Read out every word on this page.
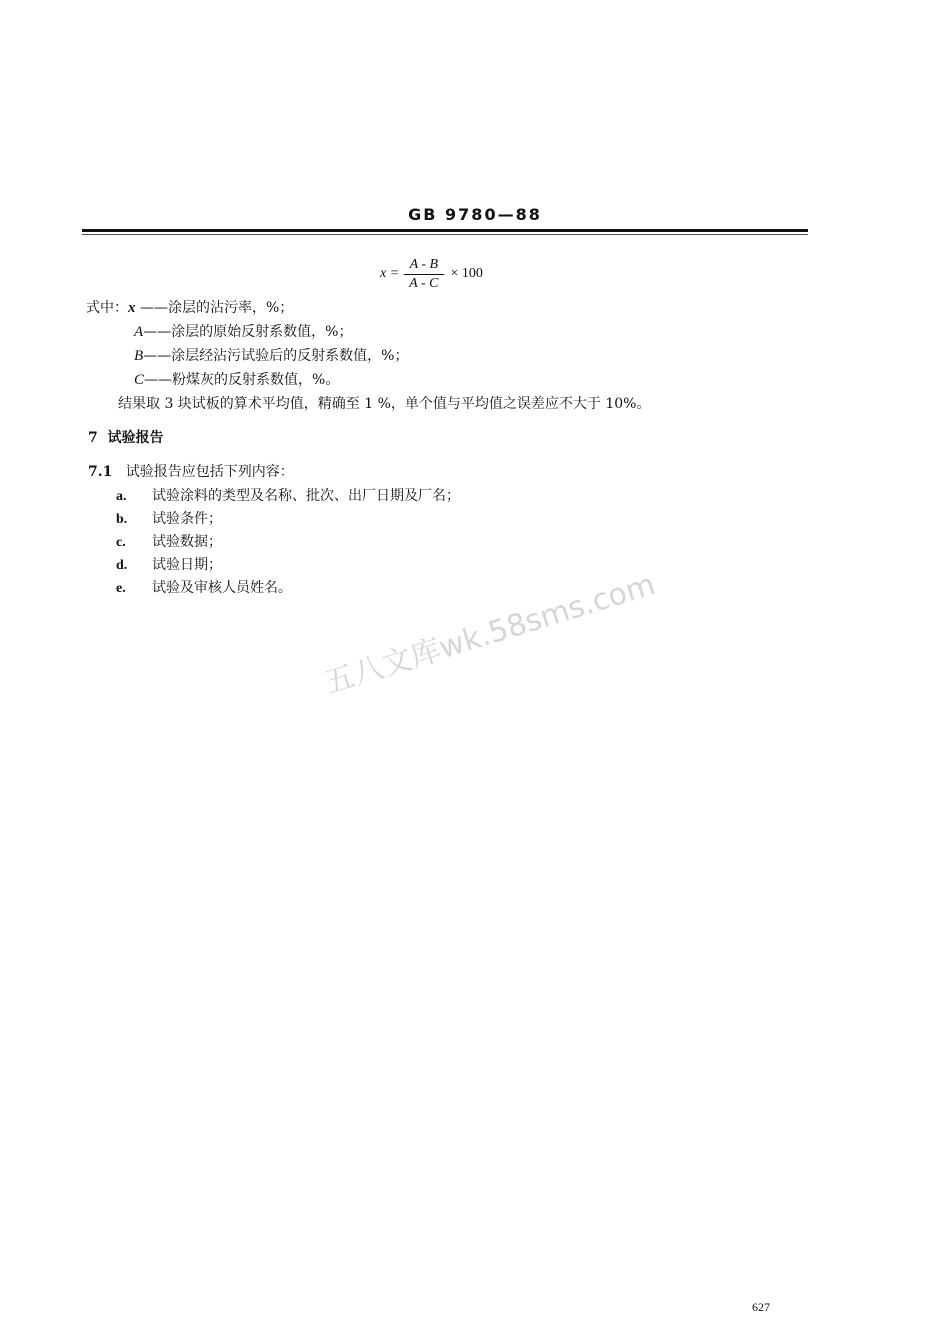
GB 9780—88
$x = \frac{A - B}{A - C} \times 100$
式中：x ——涂层的沾污率，%；
A——涂层的原始反射系数值，%；
B——涂层经沾污试验后的反射系数值，%；
C——粉煤灰的反射系数值，%。
结果取 3 块试板的算术平均值，精确至 1 %，单个值与平均值之误差应不大于 10%。
7 试验报告
7.1 试验报告应包括下列内容：
a. 试验涂料的类型及名称、批次、出厂日期及厂名；
b. 试验条件；
c. 试验数据；
d. 试验日期；
e. 试验及审核人员姓名。 五八文库wk.58sms.com
627
